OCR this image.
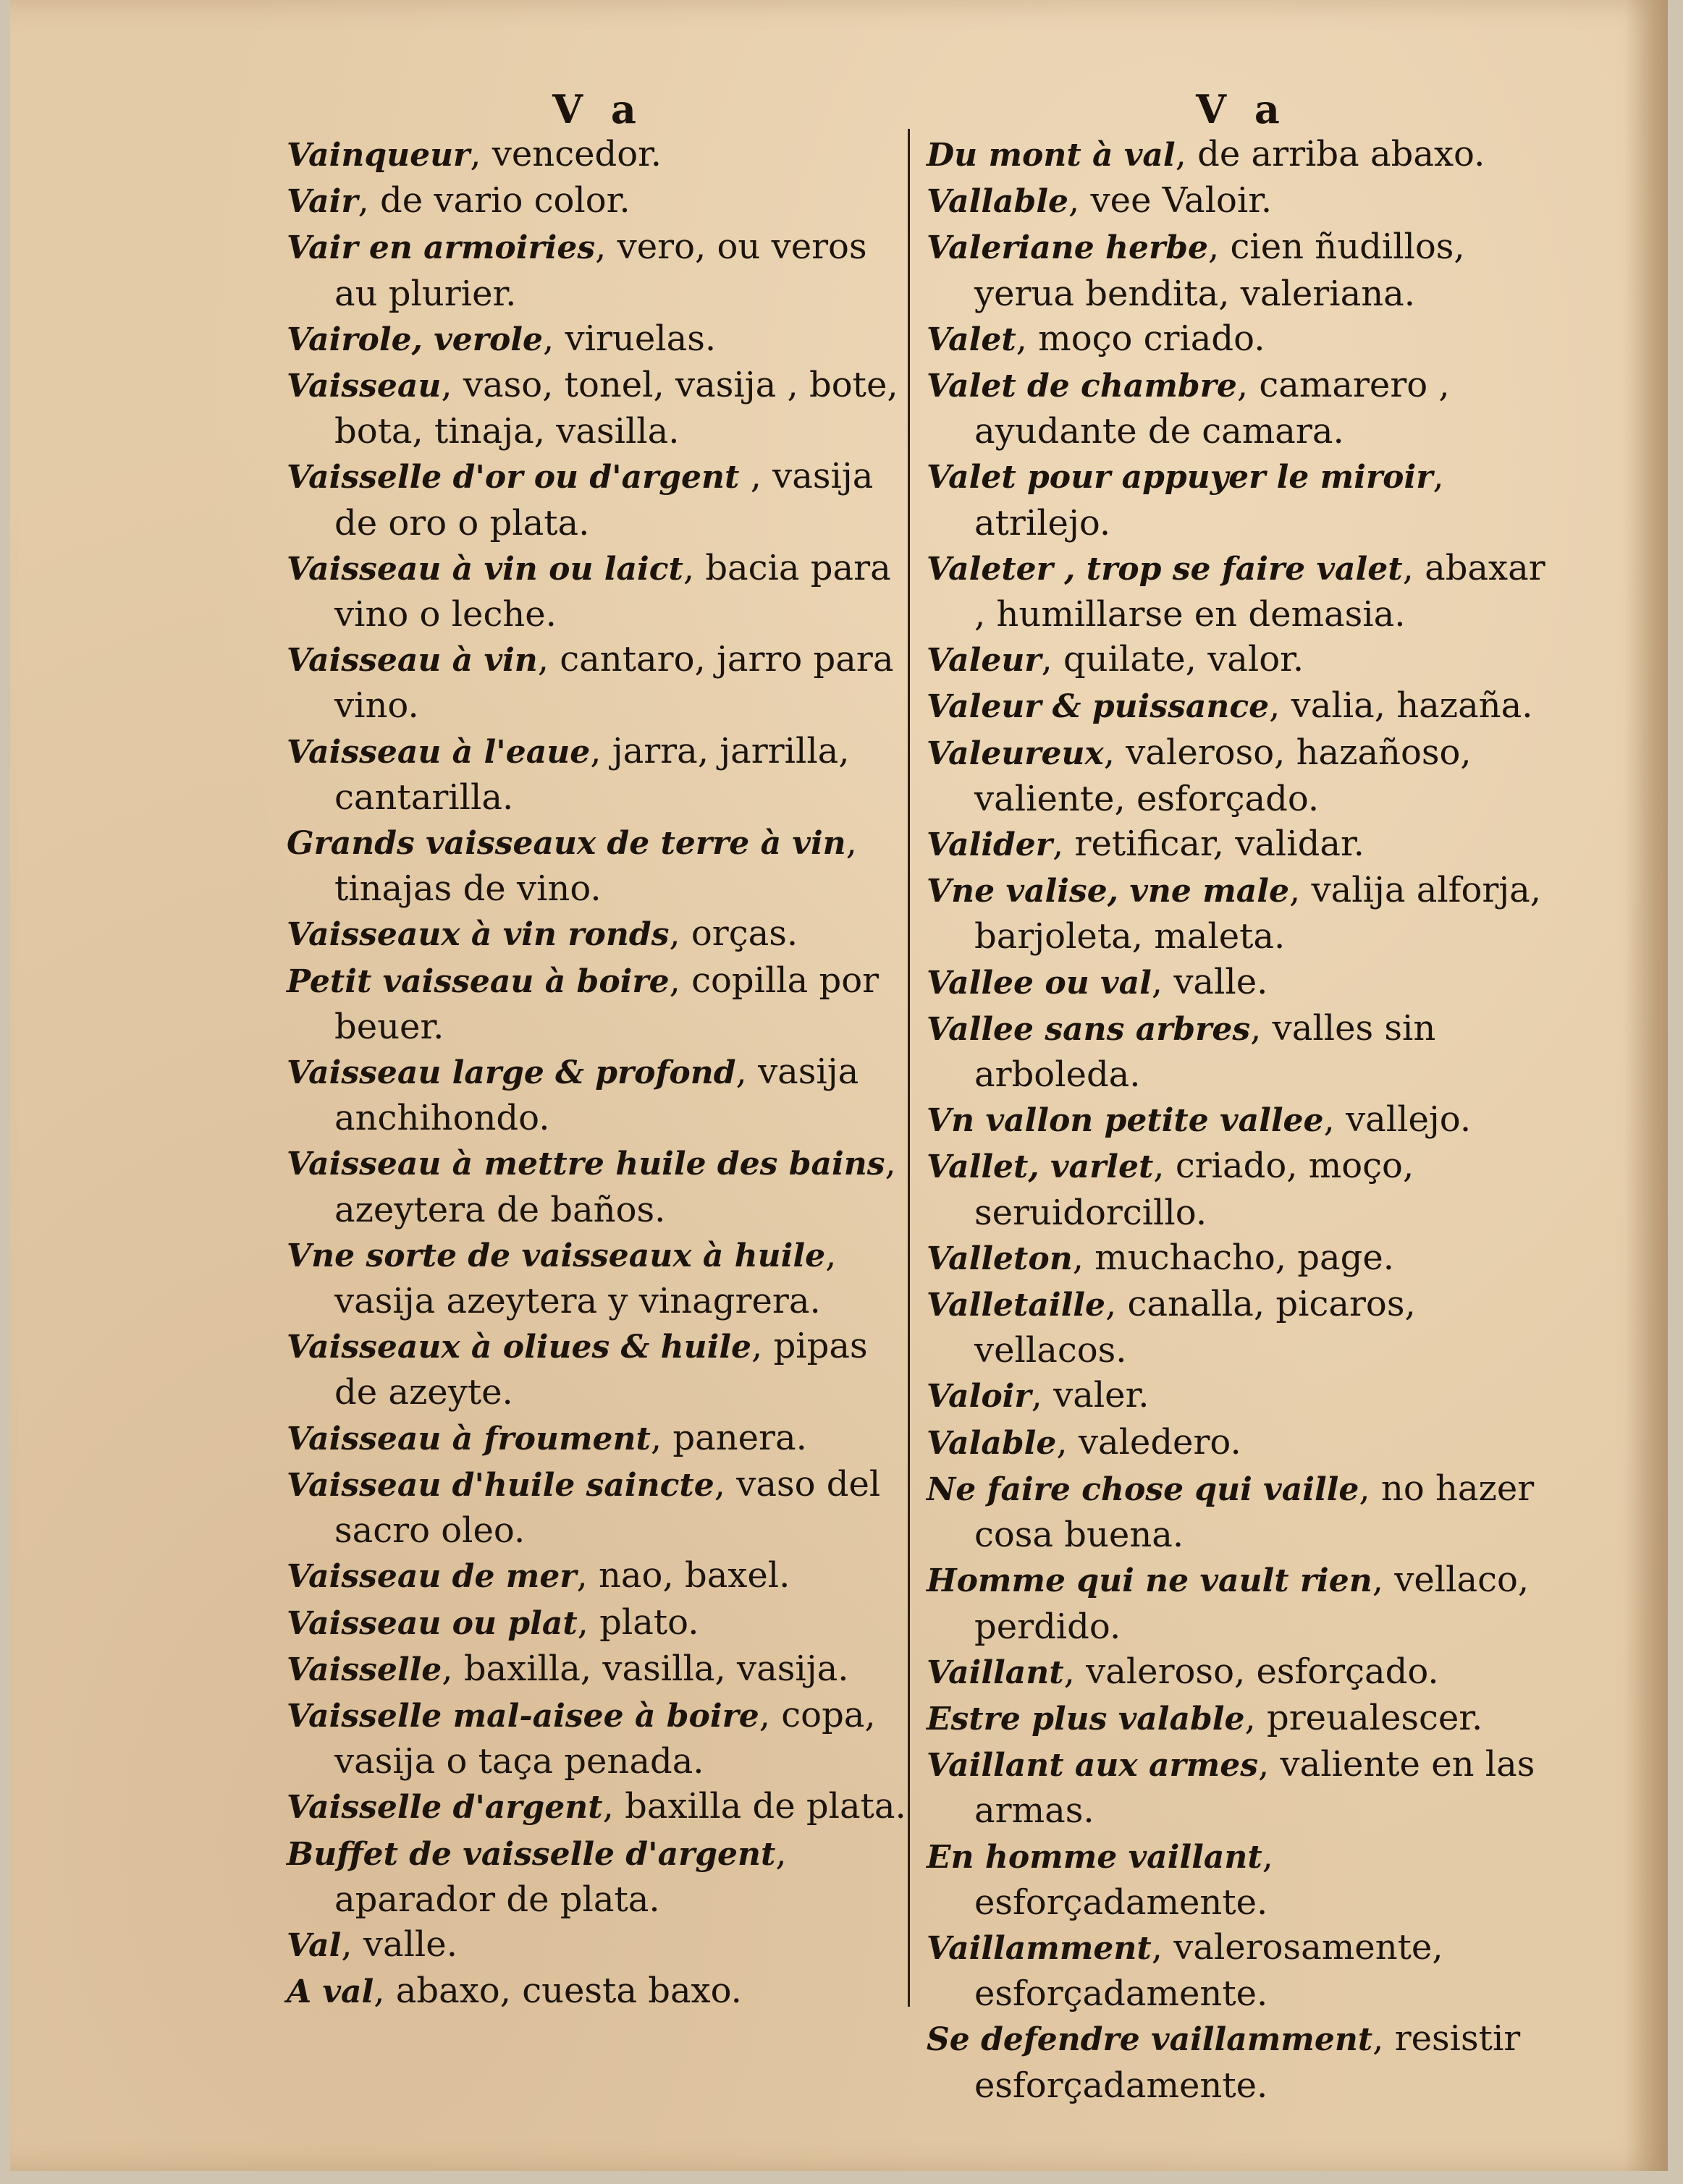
V a
Vainqueur, vencedor.
Vair, de vario color.
Vair en armoiries, vero, ou veros au plurier.
Vairole, verole, viruelas.
Vaisseau, vaso, tonel, vasija , bote, bota, tinaja, vasilla.
Vaisselle d'or ou d'argent , vasija de oro o plata.
Vaisseau à vin ou laict, bacia para vino o leche.
Vaisseau à vin, cantaro, jarro para vino.
Vaisseau à l'eaue, jarra, jarrilla, cantarilla.
Grands vaisseaux de terre à vin, tinajas de vino.
Vaisseaux à vin ronds, orças.
Petit vaisseau à boire, copilla por beuer.
Vaisseau large & profond, vasija anchihondo.
Vaisseau à mettre huile des bains, azeytera de baños.
Vne sorte de vaisseaux à huile, vasija azeytera y vinagrera.
Vaisseaux à oliues & huile, pipas de azeyte.
Vaisseau à froument, panera.
Vaisseau d'huile saincte, vaso del sacro oleo.
Vaisseau de mer, nao, baxel.
Vaisseau ou plat, plato.
Vaisselle, baxilla, vasilla, vasija.
Vaisselle mal-aisee à boire, copa, vasija o taça penada.
Vaisselle d'argent, baxilla de plata.
Buffet de vaisselle d'argent, aparador de plata.
Val, valle.
A val, abaxo, cuesta baxo.
V a
Du mont à val, de arriba abaxo.
Vallable, vee Valoir.
Valeriane herbe, cien ñudillos, yerua bendita, valeriana.
Valet, moço criado.
Valet de chambre, camarero , ayudante de camara.
Valet pour appuyer le miroir, atrilejo.
Valeter , trop se faire valet, abaxar , humillarse en demasia.
Valeur, quilate, valor.
Valeur & puissance, valia, hazaña.
Valeureux, valeroso, hazañoso, valiente, esforçado.
Valider, retificar, validar.
Vne valise, vne male, valija alforja, barjoleta, maleta.
Vallee ou val, valle.
Vallee sans arbres, valles sin arboleda.
Vn vallon petite vallee, vallejo.
Vallet, varlet, criado, moço, seruidorcillo.
Valleton, muchacho, page.
Valletaille, canalla, picaros, vellacos.
Valoir, valer.
Valable, valedero.
Ne faire chose qui vaille, no hazer cosa buena.
Homme qui ne vault rien, vellaco, perdido.
Vaillant, valeroso, esforçado.
Estre plus valable, preualescer.
Vaillant aux armes, valiente en las armas.
En homme vaillant, esforçadamente.
Vaillamment, valerosamente, esforçadamente.
Se defendre vaillamment, resistir esforçadamente.
